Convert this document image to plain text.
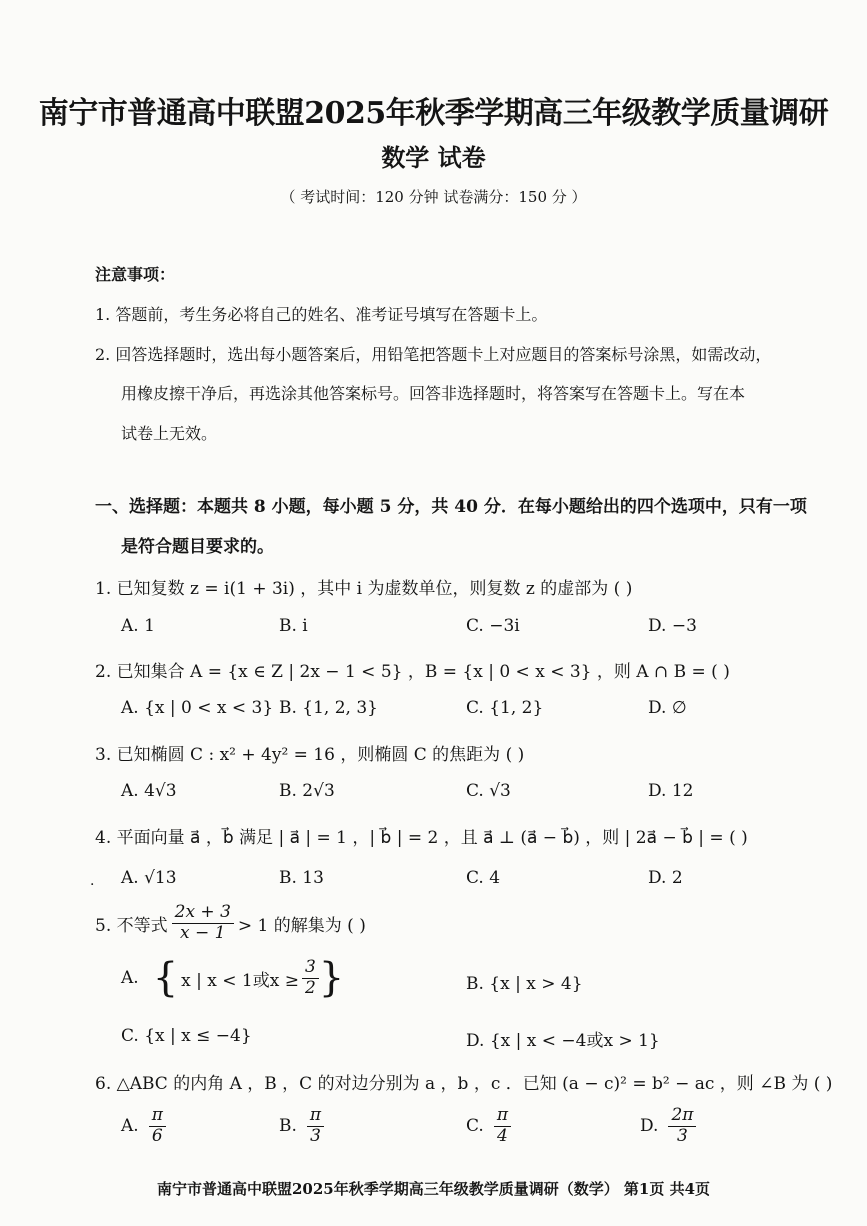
南宁市普通高中联盟2025年秋季学期高三年级教学质量调研
数学 试卷
（ 考试时间：120 分钟 试卷满分：150 分 ）
注意事项：
1. 答题前，考生务必将自己的姓名、准考证号填写在答题卡上。
2. 回答选择题时，选出每小题答案后，用铅笔把答题卡上对应题目的答案标号涂黑，如需改动，
用橡皮擦干净后，再选涂其他答案标号。回答非选择题时，将答案写在答题卡上。写在本
试卷上无效。
一、选择题：本题共 8 小题，每小题 5 分，共 40 分．在每小题给出的四个选项中，只有一项
是符合题目要求的。
1. 已知复数 z = i(1 + 3i) ，其中 i 为虚数单位，则复数 z 的虚部为 ( )
A. 1	B. i	C. −3i	D. −3
2. 已知集合 A = {x ∈ Z | 2x − 1 < 5} ，B = {x | 0 < x < 3} ，则 A ∩ B = ( )
A. {x | 0 < x < 3} B. {1, 2, 3}	C. {1, 2}	D. ∅
3. 已知椭圆 C : x² + 4y² = 16 ，则椭圆 C 的焦距为 ( )
A. 4√3	B. 2√3	C. √3	D. 12
4. 平面向量 a⃗ ，b⃗ 满足 | a⃗ | = 1 ，| b⃗ | = 2 ，且 a⃗ ⊥ (a⃗ − b⃗) ，则 | 2a⃗ − b⃗ | = ( )
· A. √13	B. 13	C. 4	D. 2
5. 不等式 $\frac{2x + 3}{x - 1} > 1$ 的解集为 ( )
A. { x | x < 1或$x \ge \frac{3}{2}$ }	B. {x | x > 4}
C. {x | x ≤ −4}	D. {x | x < −4或x > 1}
6. △ABC 的内角 A ，B ，C 的对边分别为 a ，b ，c ．已知 (a − c)² = b² − ac ，则 ∠B 为 ( )
A. $\frac{\pi}{6}$	B. $\frac{\pi}{3}$	C. $\frac{\pi}{4}$	D. $\frac{2\pi}{3}$
南宁市普通高中联盟2025年秋季学期高三年级教学质量调研（数学） 第1页 共4页
